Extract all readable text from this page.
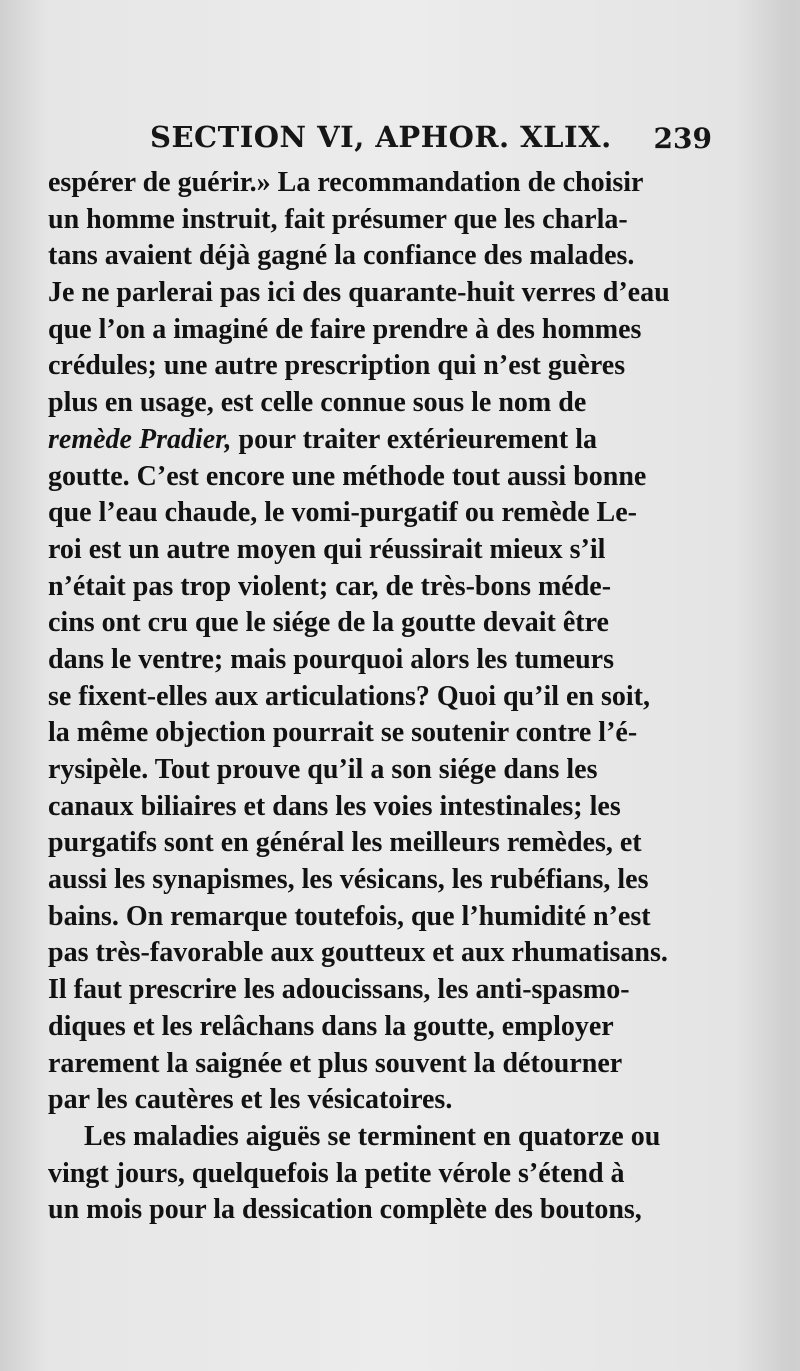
SECTION VI, APHOR. XLIX. 239
espérer de guérir.» La recommandation de choisir
un homme instruit, fait présumer que les charla-
tans avaient déjà gagné la confiance des malades.
Je ne parlerai pas ici des quarante-huit verres d’eau
que l’on a imaginé de faire prendre à des hommes
crédules; une autre prescription qui n’est guères
plus en usage, est celle connue sous le nom de
remède Pradier, pour traiter extérieurement la
goutte. C’est encore une méthode tout aussi bonne
que l’eau chaude, le vomi-purgatif ou remède Le-
roi est un autre moyen qui réussirait mieux s’il
n’était pas trop violent; car, de très-bons méde-
cins ont cru que le siége de la goutte devait être
dans le ventre; mais pourquoi alors les tumeurs
se fixent-elles aux articulations? Quoi qu’il en soit,
la même objection pourrait se soutenir contre l’é-
rysipèle. Tout prouve qu’il a son siége dans les
canaux biliaires et dans les voies intestinales; les
purgatifs sont en général les meilleurs remèdes, et
aussi les synapismes, les vésicans, les rubéfians, les
bains. On remarque toutefois, que l’humidité n’est
pas très-favorable aux goutteux et aux rhumatisans.
Il faut prescrire les adoucissans, les anti-spasmo-
diques et les relâchans dans la goutte, employer
rarement la saignée et plus souvent la détourner
par les cautères et les vésicatoires.
Les maladies aiguës se terminent en quatorze ou
vingt jours, quelquefois la petite vérole s’étend à
un mois pour la dessication complète des boutons,
